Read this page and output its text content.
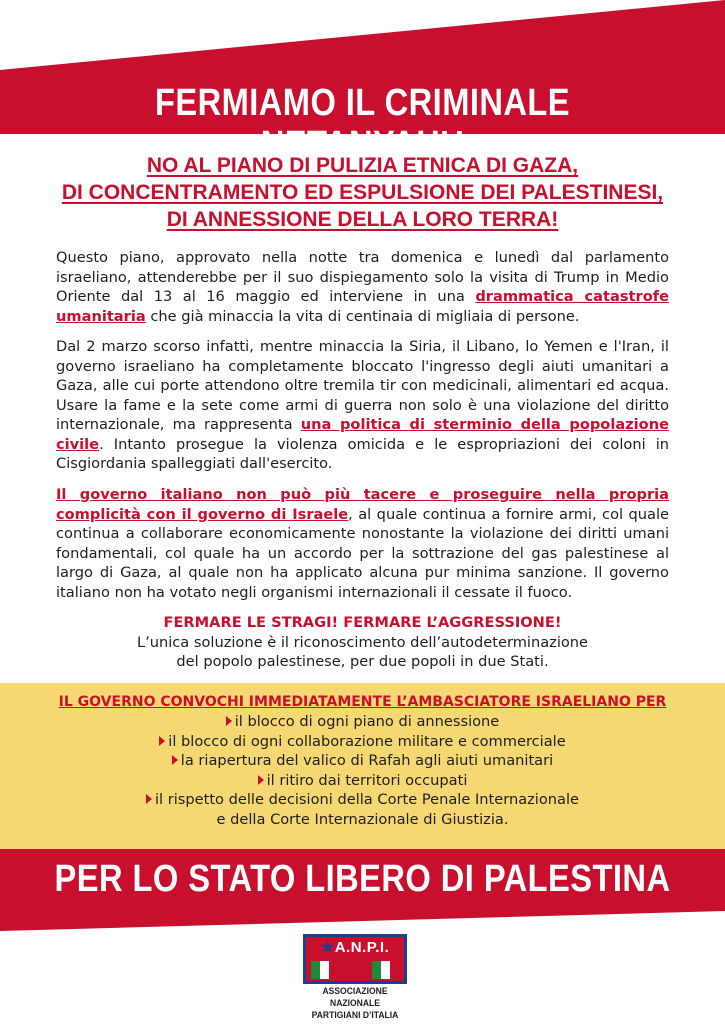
FERMIAMO IL CRIMINALE NETANYAHU
NO AL PIANO DI PULIZIA ETNICA DI GAZA,
DI CONCENTRAMENTO ED ESPULSIONE DEI PALESTINESI,
DI ANNESSIONE DELLA LORO TERRA!

Questo piano, approvato nella notte tra domenica e lunedì dal parlamento israeliano, attenderebbe per il suo dispiegamento solo la visita di Trump in Medio Oriente dal 13 al 16 maggio ed interviene in una drammatica catastrofe umanitaria che già minaccia la vita di centinaia di migliaia di persone.

Dal 2 marzo scorso infatti, mentre minaccia la Siria, il Libano, lo Yemen e l'Iran, il governo israeliano ha completamente bloccato l'ingresso degli aiuti umanitari a Gaza, alle cui porte attendono oltre tremila tir con medicinali, alimentari ed acqua. Usare la fame e la sete come armi di guerra non solo è una violazione del diritto internazionale, ma rappresenta una politica di sterminio della popolazione civile. Intanto prosegue la violenza omicida e le espropriazioni dei coloni in Cisgiordania spalleggiati dall'esercito.

Il governo italiano non può più tacere e proseguire nella propria complicità con il governo di Israele, al quale continua a fornire armi, col quale continua a collaborare economicamente nonostante la violazione dei diritti umani fondamentali, col quale ha un accordo per la sottrazione del gas palestinese al largo di Gaza, al quale non ha applicato alcuna pur minima sanzione. Il governo italiano non ha votato negli organismi internazionali il cessate il fuoco.

FERMARE LE STRAGI! FERMARE L’AGGRESSIONE!
L’unica soluzione è il riconoscimento dell’autodeterminazione
del popolo palestinese, per due popoli in due Stati.
IL GOVERNO CONVOCHI IMMEDIATAMENTE L’AMBASCIATORE ISRAELIANO PER
il blocco di ogni piano di annessione
il blocco di ogni collaborazione militare e commerciale
la riapertura del valico di Rafah agli aiuti umanitari
il ritiro dai territori occupati
il rispetto delle decisioni della Corte Penale Internazionale
e della Corte Internazionale di Giustizia.
PER LO STATO LIBERO DI PALESTINA
★A.N.P.I.
ASSOCIAZIONE NAZIONALE
PARTIGIANI D’ITALIA
